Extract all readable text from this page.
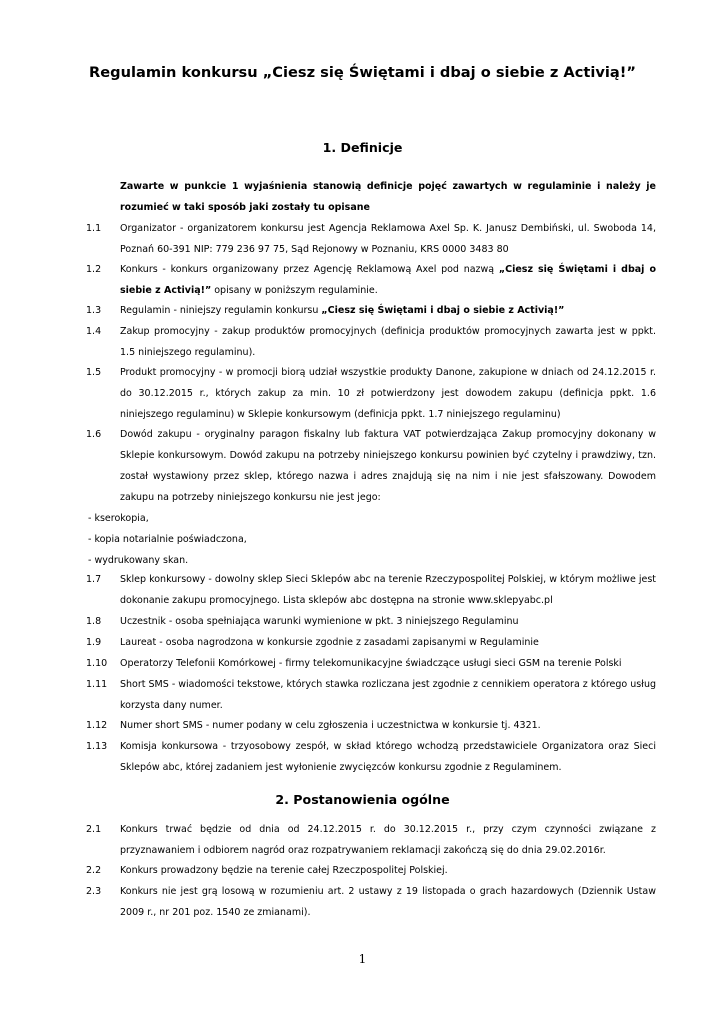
Regulamin konkursu „Ciesz się Świętami i dbaj o siebie z Activią!”
1. Definicje

Zawarte w punkcie 1 wyjaśnienia stanowią definicje pojęć zawartych w regulaminie i należy je rozumieć w taki sposób jaki zostały tu opisane

1.1	Organizator - organizatorem konkursu jest Agencja Reklamowa Axel Sp. K. Janusz Dembiński, ul. Swoboda 14, Poznań 60-391 NIP: 779 236 97 75, Sąd Rejonowy w Poznaniu, KRS 0000 3483 80
1.2	Konkurs - konkurs organizowany przez Agencję Reklamową Axel pod nazwą „Ciesz się Świętami i dbaj o siebie z Activią!” opisany w poniższym regulaminie.
1.3	Regulamin - niniejszy regulamin konkursu „Ciesz się Świętami i dbaj o siebie z Activią!”
1.4	Zakup promocyjny - zakup produktów promocyjnych (definicja produktów promocyjnych zawarta jest w ppkt. 1.5 niniejszego regulaminu).
1.5	Produkt promocyjny - w promocji biorą udział wszystkie produkty Danone, zakupione w dniach od 24.12.2015 r. do 30.12.2015 r., których zakup za min. 10 zł potwierdzony jest dowodem zakupu (definicja ppkt. 1.6 niniejszego regulaminu) w Sklepie konkursowym (definicja ppkt. 1.7 niniejszego regulaminu)
1.6	Dowód zakupu - oryginalny paragon fiskalny lub faktura VAT potwierdzająca Zakup promocyjny dokonany w Sklepie konkursowym. Dowód zakupu na potrzeby niniejszego konkursu powinien być czytelny i prawdziwy, tzn. został wystawiony przez sklep, którego nazwa i adres znajdują się na nim i nie jest sfałszowany. Dowodem zakupu na potrzeby niniejszego konkursu nie jest jego:
- kserokopia,
- kopia notarialnie poświadczona,
- wydrukowany skan.
1.7	Sklep konkursowy - dowolny sklep Sieci Sklepów abc na terenie Rzeczypospolitej Polskiej, w którym możliwe jest dokonanie zakupu promocyjnego. Lista sklepów abc dostępna na stronie www.sklepyabc.pl
1.8	Uczestnik - osoba spełniająca warunki wymienione w pkt. 3 niniejszego Regulaminu
1.9	Laureat - osoba nagrodzona w konkursie zgodnie z zasadami zapisanymi w Regulaminie
1.10	Operatorzy Telefonii Komórkowej - firmy telekomunikacyjne świadczące usługi sieci GSM na terenie Polski
1.11	Short SMS - wiadomości tekstowe, których stawka rozliczana jest zgodnie z cennikiem operatora z którego usług korzysta dany numer.
1.12	Numer short SMS - numer podany w celu zgłoszenia i uczestnictwa w konkursie tj. 4321.
1.13	Komisja konkursowa - trzyosobowy zespół, w skład którego wchodzą przedstawiciele Organizatora oraz Sieci Sklepów abc, której zadaniem jest wyłonienie zwycięzców konkursu zgodnie z Regulaminem.
2. Postanowienia ogólne
2.1	Konkurs trwać będzie od dnia od 24.12.2015 r. do 30.12.2015 r., przy czym czynności związane z przyznawaniem i odbiorem nagród oraz rozpatrywaniem reklamacji zakończą się do dnia 29.02.2016r.
2.2	Konkurs prowadzony będzie na terenie całej Rzeczpospolitej Polskiej.
2.3	Konkurs nie jest grą losową w rozumieniu art. 2 ustawy z 19 listopada o grach hazardowych (Dziennik Ustaw 2009 r., nr 201 poz. 1540 ze zmianami).
1
